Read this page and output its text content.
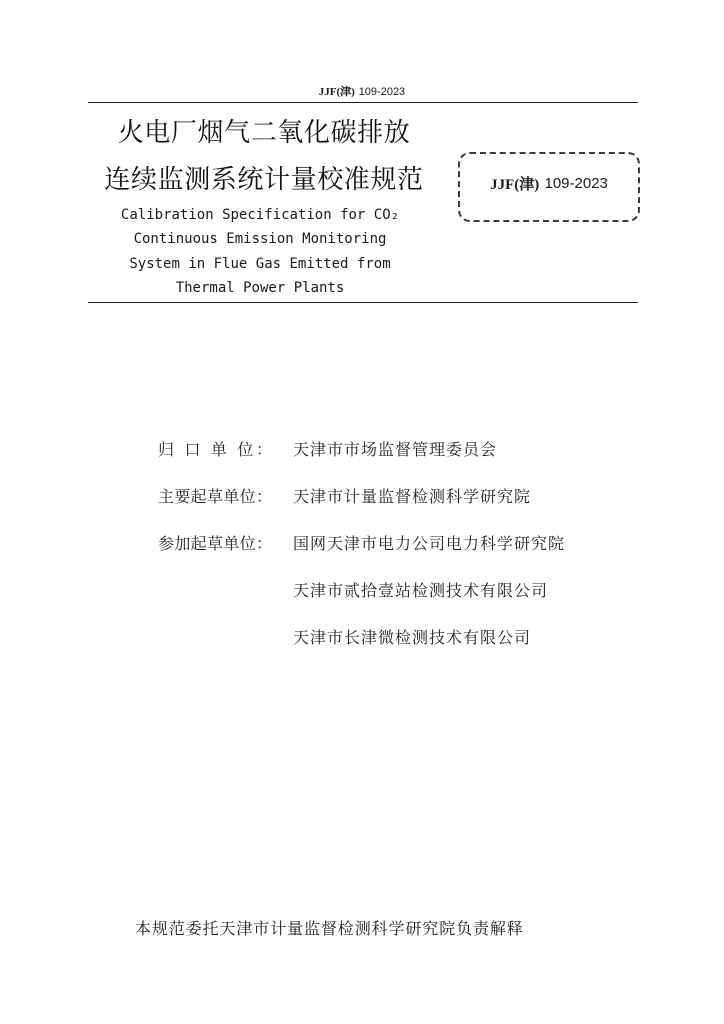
JJF(津) 109-2023
火电厂烟气二氧化碳排放
连续监测系统计量校准规范
Calibration Specification for CO₂
Continuous Emission Monitoring
System in Flue Gas Emitted from
Thermal Power Plants
JJF(津) 109-2023
归 口 单 位：	天津市市场监督管理委员会
主要起草单位：	天津市计量监督检测科学研究院
参加起草单位：	国网天津市电力公司电力科学研究院
天津市贰拾壹站检测技术有限公司
天津市长津微检测技术有限公司
本规范委托天津市计量监督检测科学研究院负责解释
